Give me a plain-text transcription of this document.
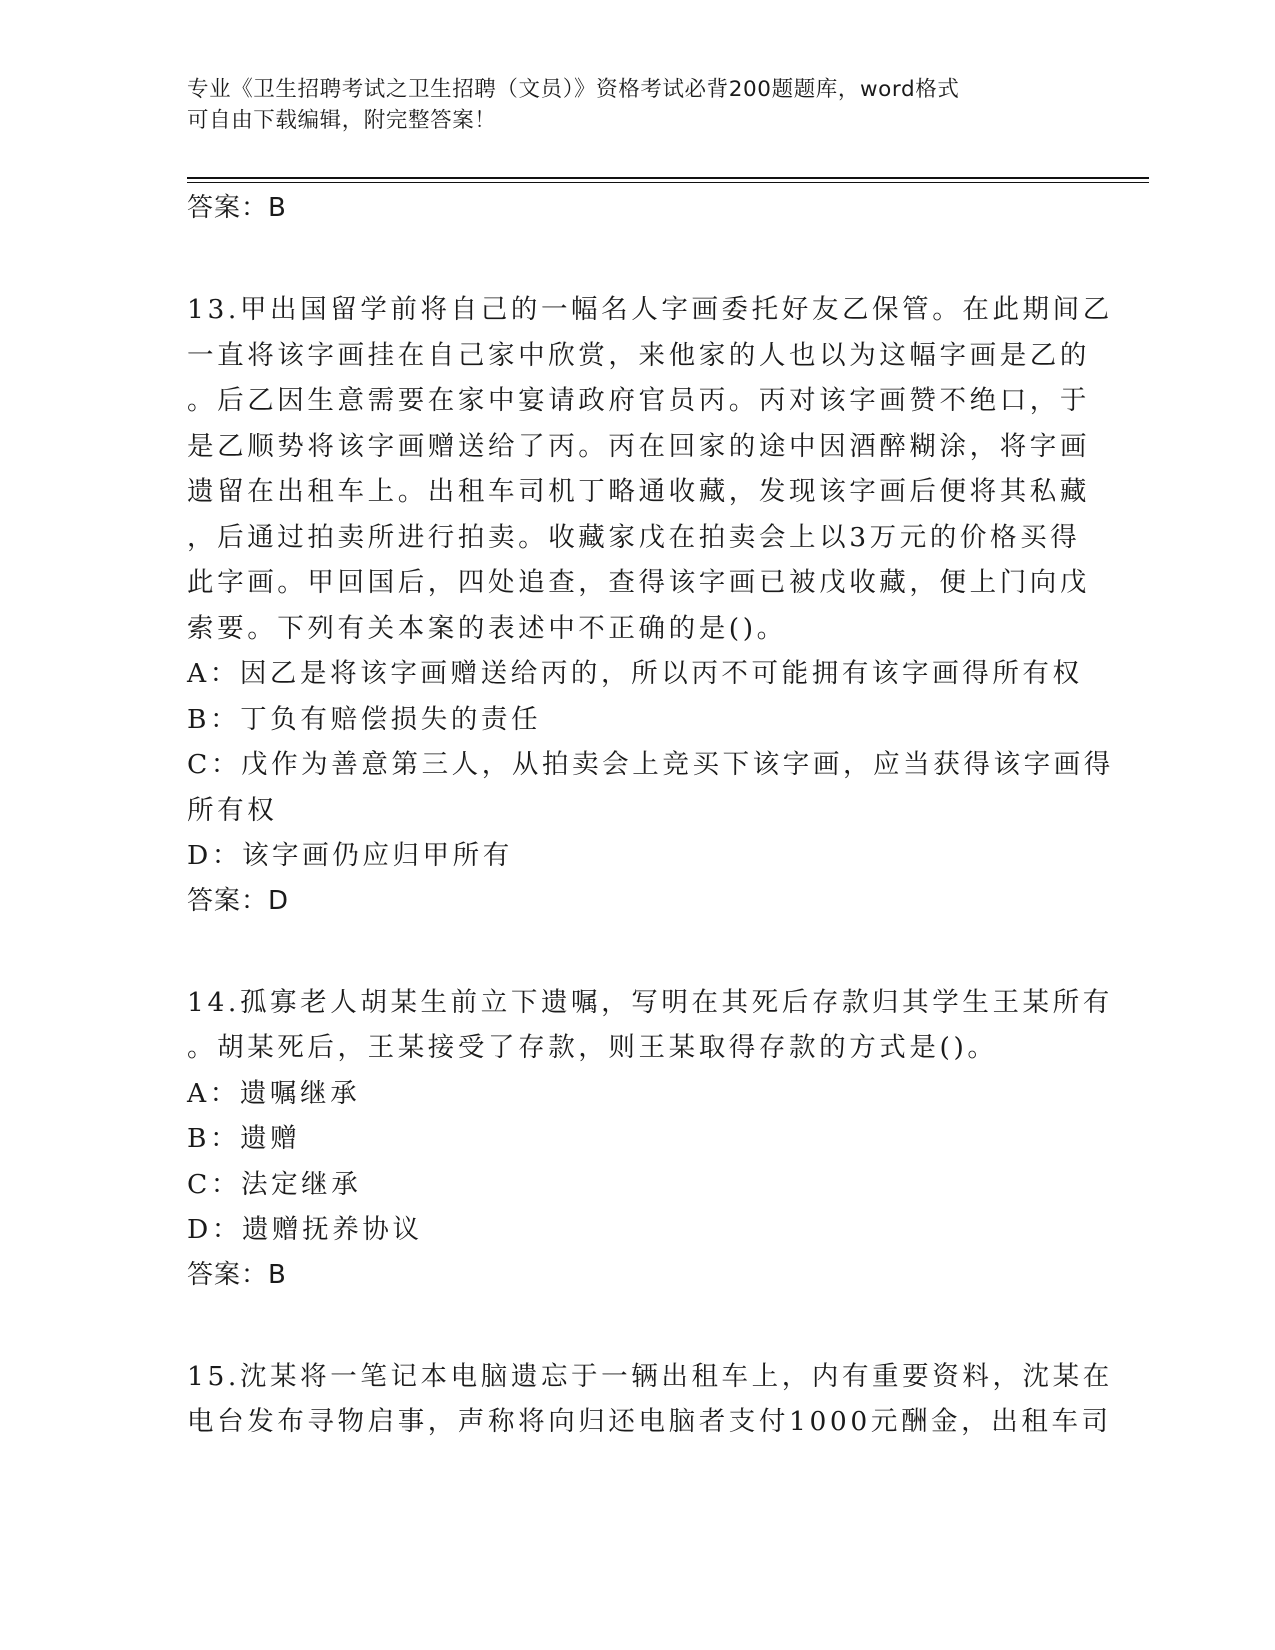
专业《卫生招聘考试之卫生招聘（文员）》资格考试必背200题题库，word格式
可自由下载编辑，附完整答案！

答案：B

13.甲出国留学前将自己的一幅名人字画委托好友乙保管。在此期间乙
一直将该字画挂在自己家中欣赏，来他家的人也以为这幅字画是乙的
。后乙因生意需要在家中宴请政府官员丙。丙对该字画赞不绝口，于
是乙顺势将该字画赠送给了丙。丙在回家的途中因酒醉糊涂，将字画
遗留在出租车上。出租车司机丁略通收藏，发现该字画后便将其私藏
，后通过拍卖所进行拍卖。收藏家戊在拍卖会上以3万元的价格买得
此字画。甲回国后，四处追查，查得该字画已被戊收藏，便上门向戊
索要。下列有关本案的表述中不正确的是()。

A：因乙是将该字画赠送给丙的，所以丙不可能拥有该字画得所有权

B：丁负有赔偿损失的责任

C：戊作为善意第三人，从拍卖会上竞买下该字画，应当获得该字画得
所有权

D：该字画仍应归甲所有

答案：D

14.孤寡老人胡某生前立下遗嘱，写明在其死后存款归其学生王某所有
。胡某死后，王某接受了存款，则王某取得存款的方式是()。

A：遗嘱继承

B：遗赠

C：法定继承

D：遗赠抚养协议

答案：B

15.沈某将一笔记本电脑遗忘于一辆出租车上，内有重要资料，沈某在
电台发布寻物启事，声称将向归还电脑者支付1000元酬金，出租车司
